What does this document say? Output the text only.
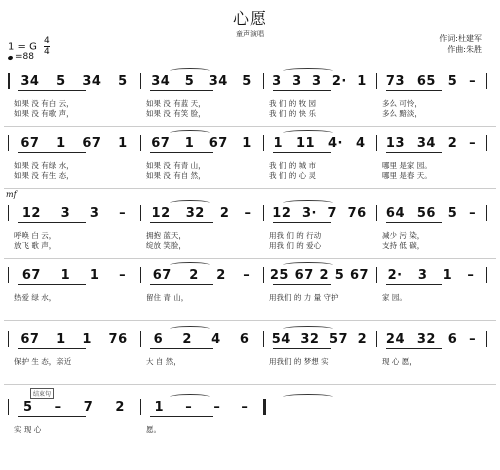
心愿
童声演唱	作词:杜建军
作曲:朱胜
1 = G $\frac{4}{4}$
=88
34 5 34 5
如果 没 有白 云，
如果 没 有歌 声，
34 5 34 5
如果 没 有蓝 天，
如果 没 有笑 脸，
3 3 3 2· 1
我 们 的 牧 园
我 们 的 快 乐
73 65 5 –
多么 可怜，
多么 黯淡，
67 1 67 1
如果 没 有绿 水，
如果 没 有生 态，
67 1 67 1
如果 没 有青 山，
如果 没 有自 然，
1 11 4· 4
我 们 的 城 市
我 们 的 心 灵
13 34 2 –
哪里 是家 园。
哪里 是春 天。
12 3 3 –
呼唤 白 云，
放飞 歌 声，
12 32 2 –
拥抱 蓝天，
绽放 笑脸，
12 3· 7 76
用我 们 的 行动
用我 们 的 爱心
64 56 5 –
减少 污 染，
支持 低 碳，
mf
67 1 1 –
热爱 绿 水，
67 2 2 –
留住 青 山，
25 67 2 5 67
用我们 的 力 量 守护
2· 3 1 –
家 园。
67 1 1 76
保护 生 态，亲近
6 2 4 6
大 自 然，
54 32 57 2
用我们 的 梦想 实
24 32 6 –
现 心 愿，
5 – 7 2
实 现 心
1 – – –
愿。
结束句
